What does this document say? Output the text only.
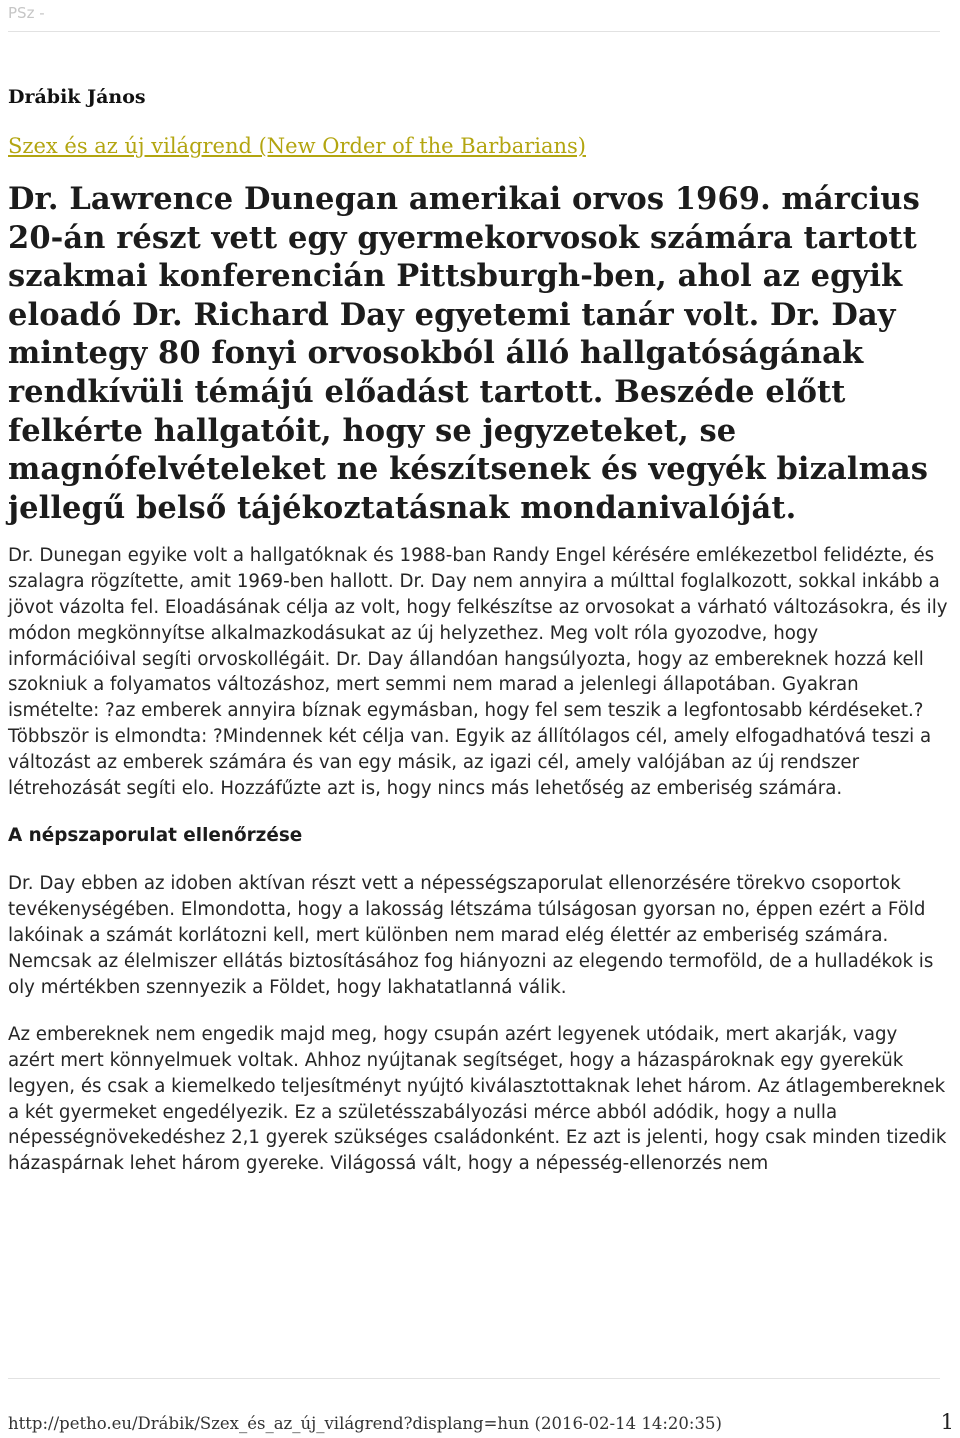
PSz -
Drábik János
Szex és az új világrend (New Order of the Barbarians)
Dr. Lawrence Dunegan amerikai orvos 1969. március 20-án részt vett egy gyermekorvosok számára tartott szakmai konferencián Pittsburgh-ben, ahol az egyik eloadó Dr. Richard Day egyetemi tanár volt. Dr. Day mintegy 80 fonyi orvosokból álló hallgatóságának rendkívüli témájú előadást tartott. Beszéde előtt felkérte hallgatóit, hogy se jegyzeteket, se magnófelvételeket ne készítsenek és vegyék bizalmas jellegű belső tájékoztatásnak mondanivalóját.

Dr. Dunegan egyike volt a hallgatóknak és 1988-ban Randy Engel kérésére emlékezetbol felidézte, és szalagra rögzítette, amit 1969-ben hallott. Dr. Day nem annyira a múlttal foglalkozott, sokkal inkább a jövot vázolta fel. Eloadásának célja az volt, hogy felkészítse az orvosokat a várható változásokra, és ily módon megkönnyítse alkalmazkodásukat az új helyzethez. Meg volt róla gyozodve, hogy információival segíti orvoskollégáit. Dr. Day állandóan hangsúlyozta, hogy az embereknek hozzá kell szokniuk a folyamatos változáshoz, mert semmi nem marad a jelenlegi állapotában. Gyakran ismételte: ?az emberek annyira bíznak egymásban, hogy fel sem teszik a legfontosabb kérdéseket.? Többször is elmondta: ?Mindennek két célja van. Egyik az állítólagos cél, amely elfogadhatóvá teszi a változást az emberek számára és van egy másik, az igazi cél, amely valójában az új rendszer létrehozását segíti elo. Hozzáfűzte azt is, hogy nincs más lehetőség az emberiség számára.

A népszaporulat ellenőrzése

Dr. Day ebben az idoben aktívan részt vett a népességszaporulat ellenorzésére törekvo csoportok tevékenységében. Elmondotta, hogy a lakosság létszáma túlságosan gyorsan no, éppen ezért a Föld lakóinak a számát korlátozni kell, mert különben nem marad elég élettér az emberiség számára. Nemcsak az élelmiszer ellátás biztosításához fog hiányozni az elegendo termoföld, de a hulladékok is oly mértékben szennyezik a Földet, hogy lakhatatlanná válik.

Az embereknek nem engedik majd meg, hogy csupán azért legyenek utódaik, mert akarják, vagy azért mert könnyelmuek voltak. Ahhoz nyújtanak segítséget, hogy a házaspároknak egy gyerekük legyen, és csak a kiemelkedo teljesítményt nyújtó kiválasztottaknak lehet három. Az átlagembereknek a két gyermeket engedélyezik. Ez a születésszabályozási mérce abból adódik, hogy a nulla népességnövekedéshez 2,1 gyerek szükséges családonként. Ez azt is jelenti, hogy csak minden tizedik házaspárnak lehet három gyereke. Világossá vált, hogy a népesség-ellenorzés nem

http://petho.eu/Drábik/Szex_és_az_új_világrend?displang=hun (2016-02-14 14:20:35)	1
